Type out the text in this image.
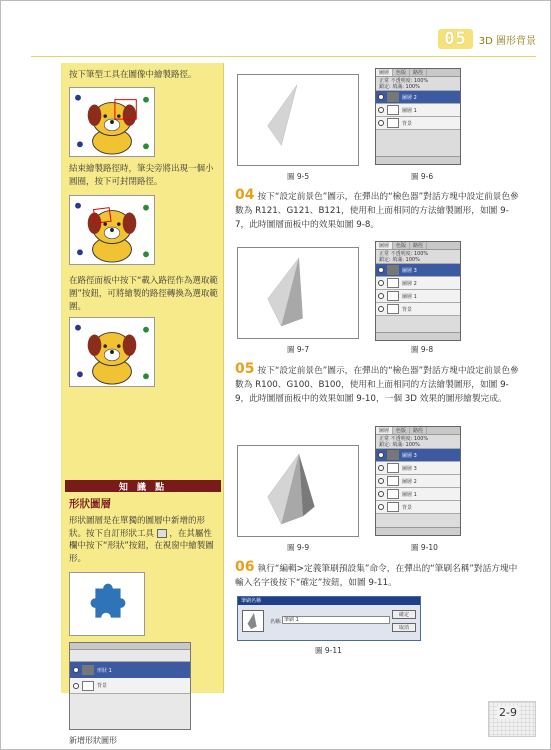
05	3D 圖形背景
按下筆型工具在圖像中繪製路徑。
結束繪製路徑時，筆尖旁將出現一個小圓圈，按下可封閉路徑。
在路徑面板中按下“載入路徑作為選取範圍”按鈕，可將繪製的路徑轉換為選取範圍。
知 識 點
形狀圖層
形狀圖層是在單獨的圖層中新增的形狀。按下自訂形狀工具 ，在其屬性欄中按下“形狀”按鈕，在視窗中繪製圖形。
形狀 1
背景
新增形狀圖形
圖 9-5
圖層	色版	路徑
正常 不透明度: 100%
鎖定: 填滿: 100%
圖層 2
圖層 1
背景
圖 9-6
04 按下“設定前景色”圖示，在彈出的“檢色器”對話方塊中設定前景色參數為 R121、G121、B121，使用和上面相同的方法繪製圖形，如圖 9-7，此時圖層面板中的效果如圖 9-8。
圖 9-7
圖層	色版	路徑
正常 不透明度: 100%
鎖定: 填滿: 100%
圖層 3
圖層 2
圖層 1
背景
圖 9-8
05 按下“設定前景色”圖示，在彈出的“檢色器”對話方塊中設定前景色參數為 R100、G100、B100，使用和上面相同的方法繪製圖形，如圖 9-9，此時圖層面板中的效果如圖 9-10，一個 3D 效果的圖形繪製完成。
圖 9-9
圖層	色版	路徑
正常 不透明度: 100%
鎖定: 填滿: 100%
圖層 3
圖層 3
圖層 2
圖層 1
背景
圖 9-10
06 執行“編輯>定義筆刷預設集”命令，在彈出的“筆刷名稱”對話方塊中輸入名字後按下“確定”按鈕，如圖 9-11。
筆刷名稱
名稱: 筆刷 1
確定
取消
圖 9-11
2-9
